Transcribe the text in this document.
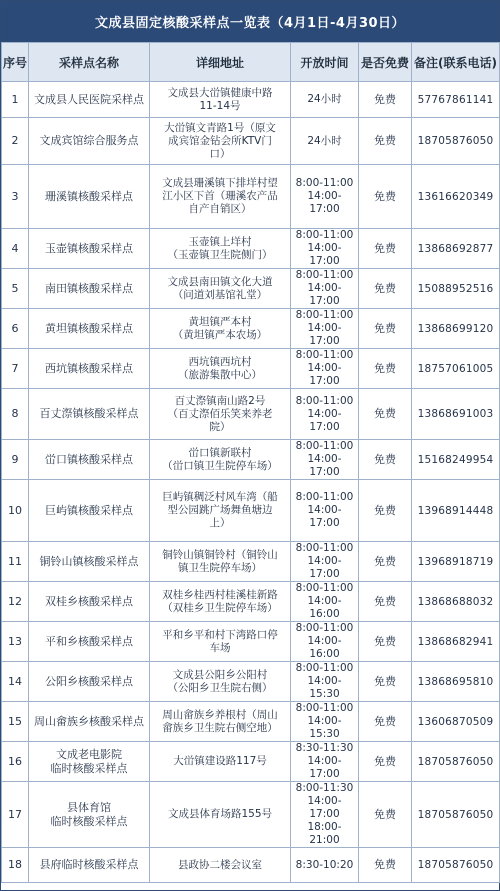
文成县固定核酸采样点一览表（4月1日-4月30日）
序号	采样点名称	详细地址	开放时间	是否免费	备注(联系电话)
1	文成县人民医院采样点	文成县大峃镇健康中路
11-14号	24小时	免费	57767861141
2	文成宾馆综合服务点	大峃镇文青路1号（原文
成宾馆金钻会所KTV门
口）	24小时	免费	18705876050
3	珊溪镇核酸采样点	文成县珊溪镇下排垟村望
江小区下首（珊溪农产品
自产自销区）	8:00-11:00
14:00-17:00	免费	13616620349
4	玉壶镇核酸采样点	玉壶镇上垟村
（玉壶镇卫生院侧门）	8:00-11:00
14:00-17:00	免费	13868692877
5	南田镇核酸采样点	文成县南田镇文化大道
（问道刘基馆礼堂）	8:00-11:00
14:00-17:00	免费	15088952516
6	黄坦镇核酸采样点	黄坦镇严本村
（黄坦镇严本农场）	8:00-11:00
14:00-17:00	免费	13868699120
7	西坑镇核酸采样点	西坑镇西坑村
（旅游集散中心）	8:00-11:00
14:00-17:00	免费	18757061005
8	百丈漈镇核酸采样点	百丈漈镇南山路2号
（百丈漈佰乐笑来养老
院）	8:00-11:00
14:00-17:00	免费	13868691003
9	峃口镇核酸采样点	峃口镇新联村
（峃口镇卫生院停车场）	8:00-11:00
14:00-17:00	免费	15168249954
10	巨屿镇核酸采样点	巨屿镇稠泛村风车湾（船
型公园跳广场舞鱼塘边
上）	8:00-11:00
14:00-17:00	免费	13968914448
11	铜铃山镇核酸采样点	铜铃山镇铜铃村（铜铃山
镇卫生院停车场）	8:00-11:00
14:00-17:00	免费	13968918719
12	双桂乡核酸采样点	双桂乡桂西村桂溪桂新路
（双桂乡卫生院停车场）	8:00-11:00
14:00-16:00	免费	13868688032
13	平和乡核酸采样点	平和乡平和村下湾路口停
车场	8:00-11:00
14:00-16:00	免费	13868682941
14	公阳乡核酸采样点	文成县公阳乡公阳村
（公阳乡卫生院右侧）	8:00-11:00
14:00-15:30	免费	13868695810
15	周山畲族乡核酸采样点	周山畲族乡养根村（周山
畲族乡卫生院右侧空地）	8:00-11:00
14:00-15:30	免费	13606870509
16	文成老电影院
临时核酸采样点	大峃镇建设路117号	8:30-11:30
14:00-17:00	免费	18705876050
17	县体育馆
临时核酸采样点	文成县体育场路155号	8:00-11:30
14:00-17:00
18:00-21:00	免费	18705876050
18	县府临时核酸采样点	县政协二楼会议室	8:30-10:20	免费	18705876050
